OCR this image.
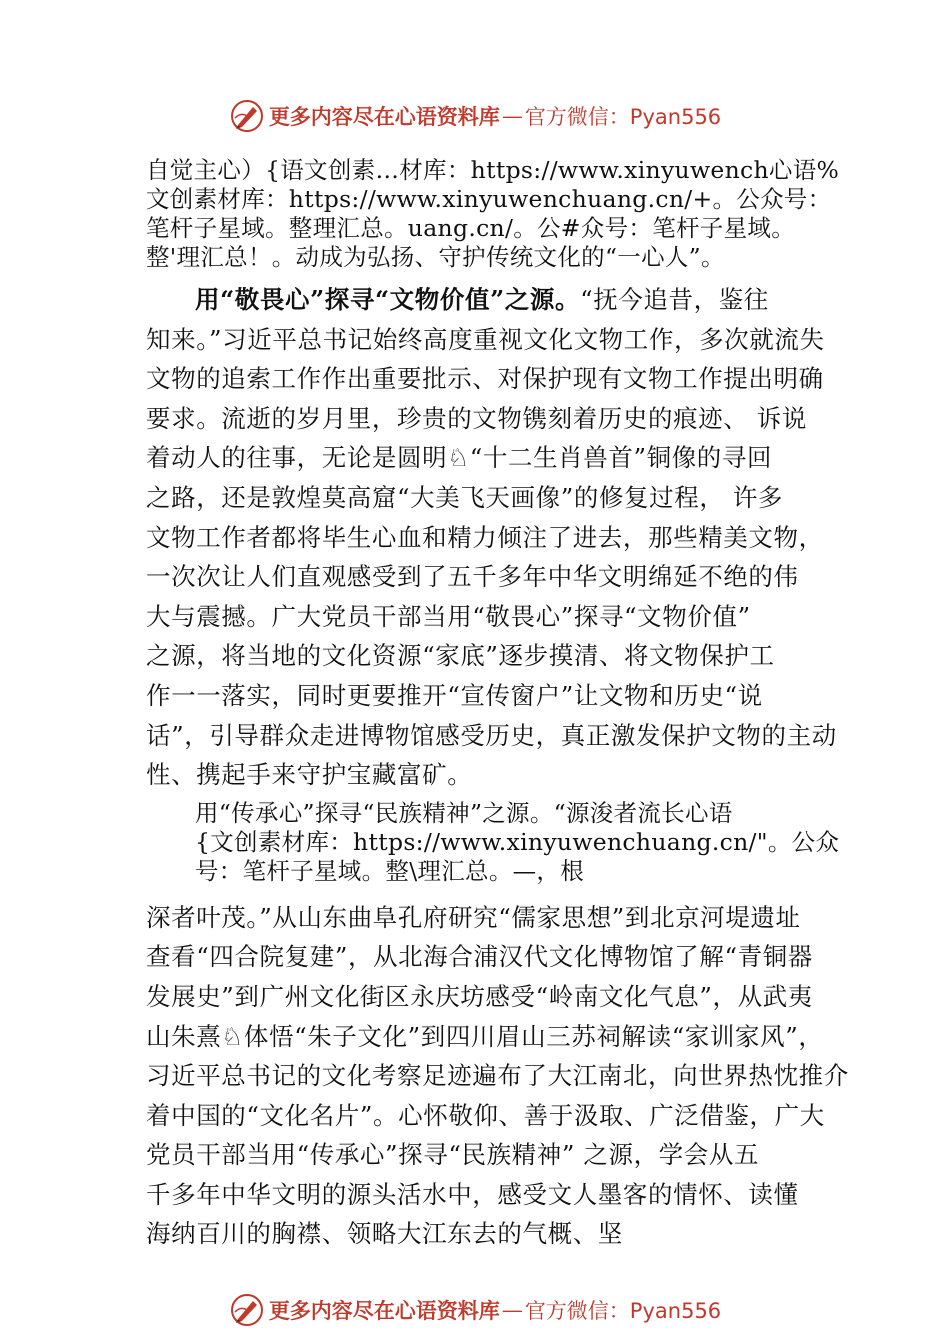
更多内容尽在心语资料库 — 官方微信：Pyan556

自觉主心）{语文创素…材库：https://www.xinyuwench心语%

文创素材库：https://www.xinyuwenchuang.cn/+。公众号：

笔杆子星域。整理汇总。uang.cn/。公#众号：笔杆子星域。

整'理汇总！。动成为弘扬、守护传统文化的“一心人”。

用“敬畏心”探寻“文物价值”之源。“抚今追昔，鉴往

知来。”习近平总书记始终高度重视文化文物工作，多次就流失

文物的追索工作作出重要批示、对保护现有文物工作提出明确

要求。流逝的岁月里，珍贵的文物镌刻着历史的痕迹、 诉说

着动人的往事，无论是圆明♘“十二生肖兽首”铜像的寻回

之路，还是敦煌莫高窟“大美飞天画像”的修复过程， 许多

文物工作者都将毕生心血和精力倾注了进去，那些精美文物，

一次次让人们直观感受到了五千多年中华文明绵延不绝的伟

大与震撼。广大党员干部当用“敬畏心”探寻“文物价值”

之源，将当地的文化资源“家底”逐步摸清、将文物保护工

作一一落实，同时更要推开“宣传窗户”让文物和历史“说

话”，引导群众走进博物馆感受历史，真正激发保护文物的主动

性、携起手来守护宝藏富矿。

用“传承心”探寻“民族精神”之源。“源浚者流长心语

{文创素材库：https://www.xinyuwenchuang.cn/"。公众

号：笔杆子星域。整\理汇总。—，根

深者叶茂。”从山东曲阜孔府研究“儒家思想”到北京河堤遗址

查看“四合院复建”，从北海合浦汉代文化博物馆了解“青铜器

发展史”到广州文化街区永庆坊感受“岭南文化气息”，从武夷

山朱熹♘体悟“朱子文化”到四川眉山三苏祠解读“家训家风”，

习近平总书记的文化考察足迹遍布了大江南北，向世界热忱推介

着中国的“文化名片”。心怀敬仰、善于汲取、广泛借鉴，广大

党员干部当用“传承心”探寻“民族精神” 之源，学会从五

千多年中华文明的源头活水中，感受文人墨客的情怀、读懂

海纳百川的胸襟、领略大江东去的气概、坚

更多内容尽在心语资料库 — 官方微信：Pyan556
